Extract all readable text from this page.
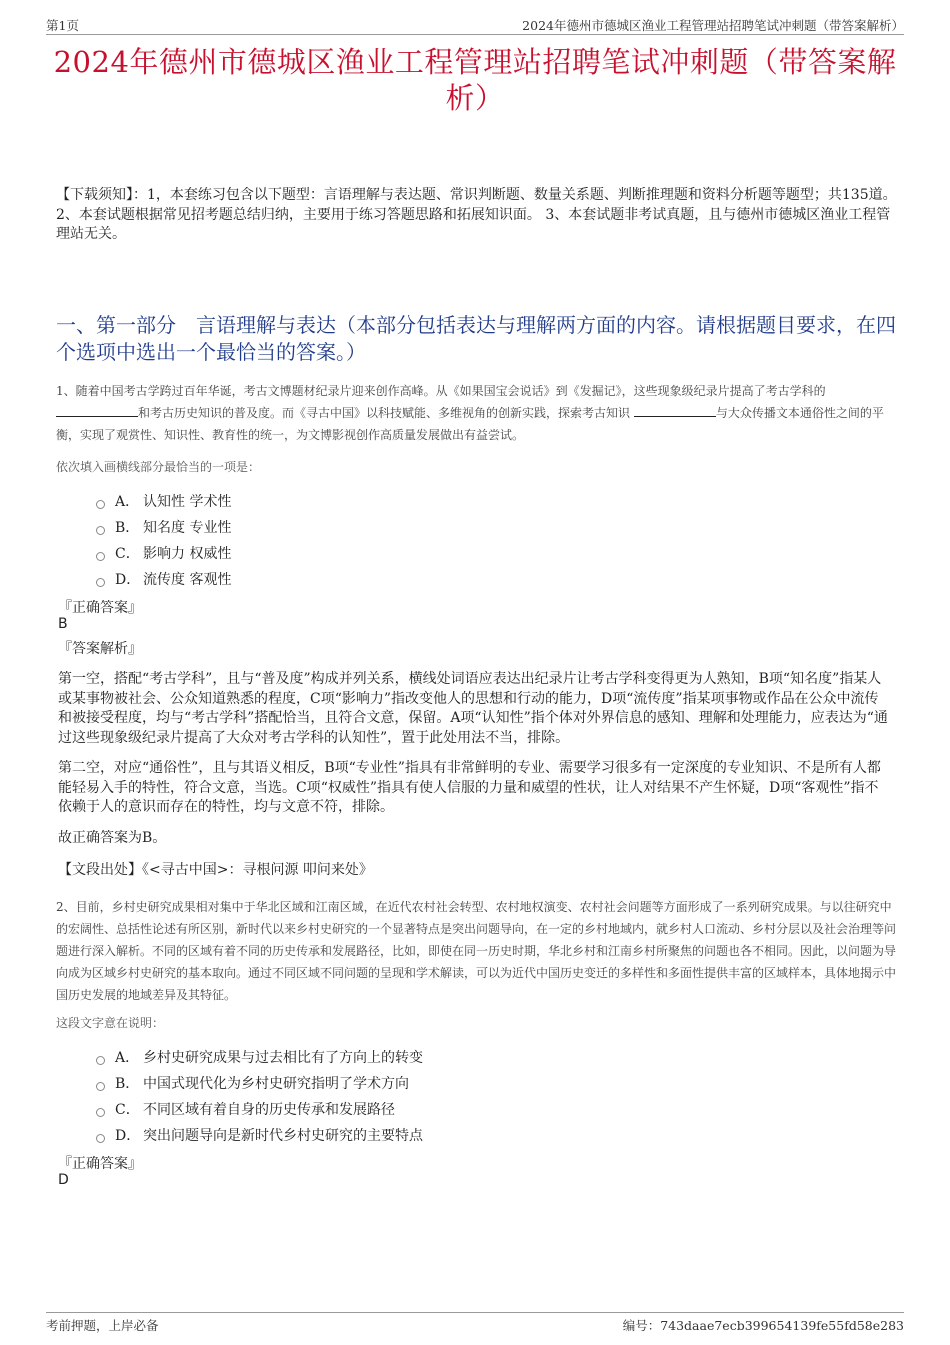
第1页	2024年德州市德城区渔业工程管理站招聘笔试冲刺题（带答案解析）
2024年德州市德城区渔业工程管理站招聘笔试冲刺题（带答案解析）
【下载须知】：1，本套练习包含以下题型：言语理解与表达题、常识判断题、数量关系题、判断推理题和资料分析题等题型；共135道。 2、本套试题根据常见招考题总结归纳，主要用于练习答题思路和拓展知识面。 3、本套试题非考试真题，且与德州市德城区渔业工程管理站无关。
一、第一部分　言语理解与表达（本部分包括表达与理解两方面的内容。请根据题目要求，在四个选项中选出一个最恰当的答案。）
1、随着中国考古学跨过百年华诞，考古文博题材纪录片迎来创作高峰。从《如果国宝会说话》到《发掘记》，这些现象级纪录片提高了考古学科的 和考古历史知识的普及度。而《寻古中国》以科技赋能、多维视角的创新实践，探索考古知识	与大众传播文本通俗性之间的平衡，实现了观赏性、知识性、教育性的统一，为文博影视创作高质量发展做出有益尝试。
依次填入画横线部分最恰当的一项是：
A． 认知性 学术性
B． 知名度 专业性
C． 影响力 权威性
D． 流传度 客观性
『正确答案』
B
『答案解析』
第一空，搭配“考古学科”，且与“普及度”构成并列关系，横线处词语应表达出纪录片让考古学科变得更为人熟知，B项“知名度”指某人或某事物被社会、公众知道熟悉的程度，C项“影响力”指改变他人的思想和行动的能力，D项“流传度”指某项事物或作品在公众中流传和被接受程度，均与“考古学科”搭配恰当，且符合文意，保留。A项“认知性”指个体对外界信息的感知、理解和处理能力，应表达为“通过这些现象级纪录片提高了大众对考古学科的认知性”，置于此处用法不当，排除。
第二空，对应“通俗性”，且与其语义相反，B项“专业性”指具有非常鲜明的专业、需要学习很多有一定深度的专业知识、不是所有人都能轻易入手的特性，符合文意，当选。C项“权威性”指具有使人信服的力量和威望的性状，让人对结果不产生怀疑，D项“客观性”指不依赖于人的意识而存在的特性，均与文意不符，排除。
故正确答案为B。
【文段出处】《<寻古中国>：寻根问源 叩问来处》
2、目前，乡村史研究成果相对集中于华北区域和江南区域，在近代农村社会转型、农村地权演变、农村社会问题等方面形成了一系列研究成果。与以往研究中的宏阔性、总括性论述有所区别，新时代以来乡村史研究的一个显著特点是突出问题导向，在一定的乡村地域内，就乡村人口流动、乡村分层以及社会治理等问题进行深入解析。不同的区域有着不同的历史传承和发展路径，比如，即使在同一历史时期，华北乡村和江南乡村所聚焦的问题也各不相同。因此，以问题为导向成为区域乡村史研究的基本取向。通过不同区域不同问题的呈现和学术解读，可以为近代中国历史变迁的多样性和多面性提供丰富的区域样本，具体地揭示中国历史发展的地域差异及其特征。
这段文字意在说明：
A． 乡村史研究成果与过去相比有了方向上的转变
B． 中国式现代化为乡村史研究指明了学术方向
C． 不同区域有着自身的历史传承和发展路径
D． 突出问题导向是新时代乡村史研究的主要特点
『正确答案』
D
考前押题，上岸必备	编号：743daae7ecb399654139fe55fd58e283
